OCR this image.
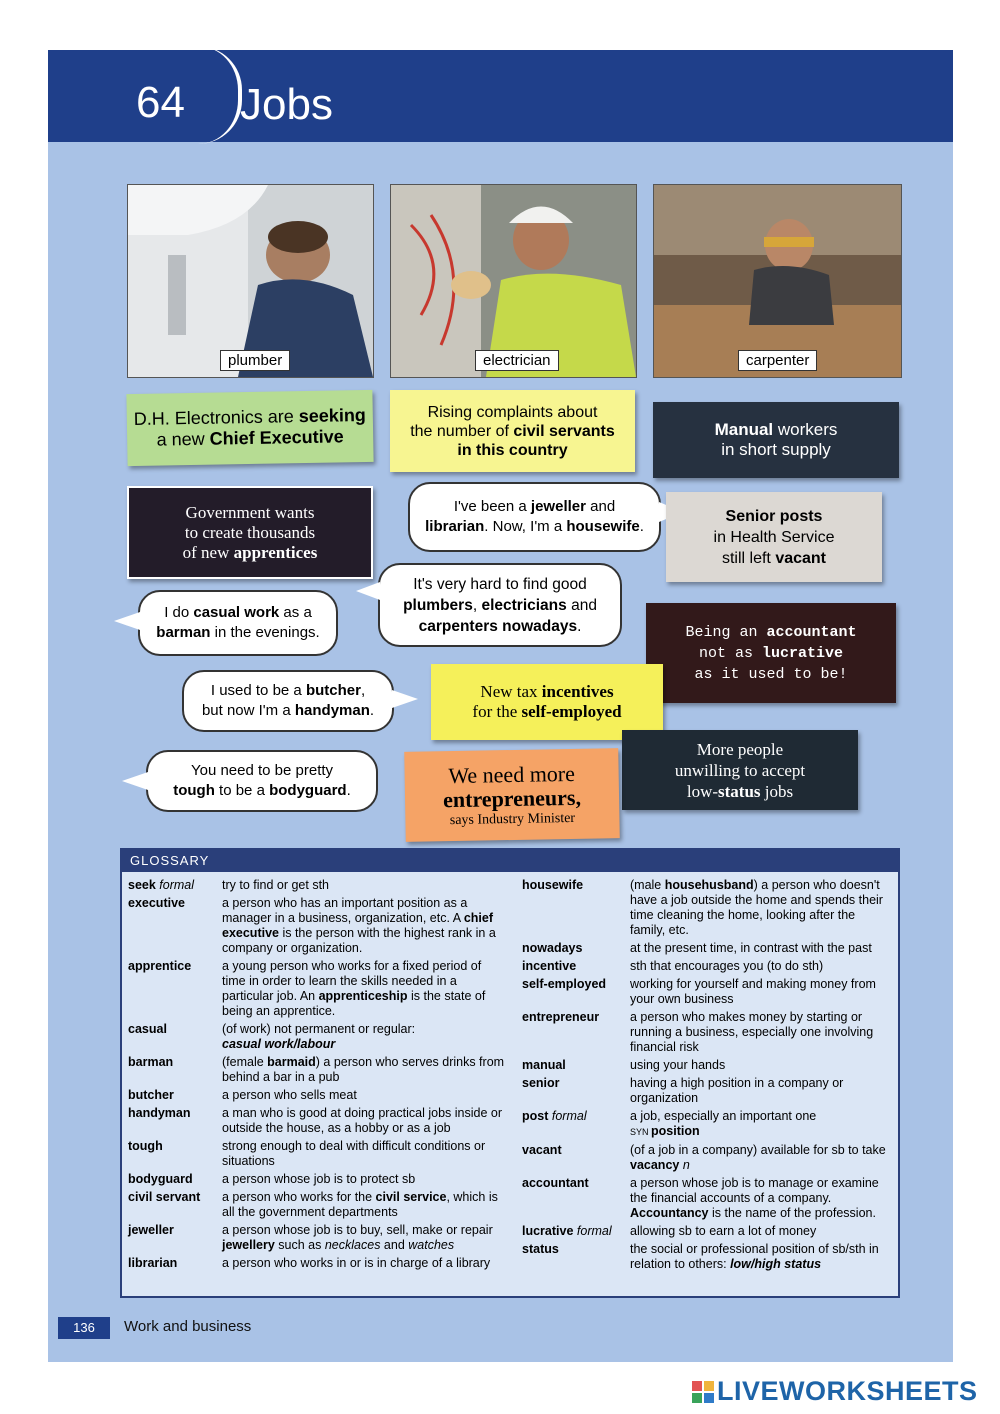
64 Jobs
plumber	electrician	carpenter
D.H. Electronics are seeking
a new Chief Executive
Rising complaints about
the number of civil servants
in this country
Manual workers
in short supply
Government wants
to create thousands
of new apprentices
I've been a jeweller and
librarian. Now, I'm a housewife.
Senior posts
in Health Service
still left vacant
I do casual work as a
barman in the evenings.
It's very hard to find good
plumbers, electricians and
carpenters nowadays.	Being an accountant
not as lucrative
as it used to be!
I used to be a butcher,
but now I'm a handyman.
New tax incentives
for the self-employed
More people
unwilling to accept
low-status jobs
You need to be pretty
tough to be a bodyguard.
We need more
entrepreneurs,
says Industry Minister
GLOSSARY
seek formal	try to find or get sth
executive	a person who has an important position as a manager in a business, organization, etc. A chief executive is the person with the highest rank in a company or organization.
apprentice	a young person who works for a fixed period of time in order to learn the skills needed in a particular job. An apprenticeship is the state of being an apprentice.
casual	(of work) not permanent or regular:
casual work/labour
barman	(female barmaid) a person who serves drinks from behind a bar in a pub
butcher	a person who sells meat
handyman	a man who is good at doing practical jobs inside or outside the house, as a hobby or as a job
tough	strong enough to deal with difficult conditions or situations
bodyguard	a person whose job is to protect sb
civil servant	a person who works for the civil service, which is all the government departments
jeweller	a person whose job is to buy, sell, make or repair jewellery such as necklaces and watches
librarian	a person who works in or is in charge of a library
housewife	(male househusband) a person who doesn't have a job outside the home and spends their time cleaning the home, looking after the family, etc.
nowadays	at the present time, in contrast with the past
incentive	sth that encourages you (to do sth)
self-employed	working for yourself and making money from your own business
entrepreneur	a person who makes money by starting or running a business, especially one involving financial risk
manual	using your hands
senior	having a high position in a company or organization
post formal	a job, especially an important one
SYN position
vacant	(of a job in a company) available for sb to take vacancy n
accountant	a person whose job is to manage or examine the financial accounts of a company. Accountancy is the name of the profession.
lucrative formal	allowing sb to earn a lot of money
status	the social or professional position of sb/sth in relation to others: low/high status
136	Work and business
LIVEWORKSHEETS
